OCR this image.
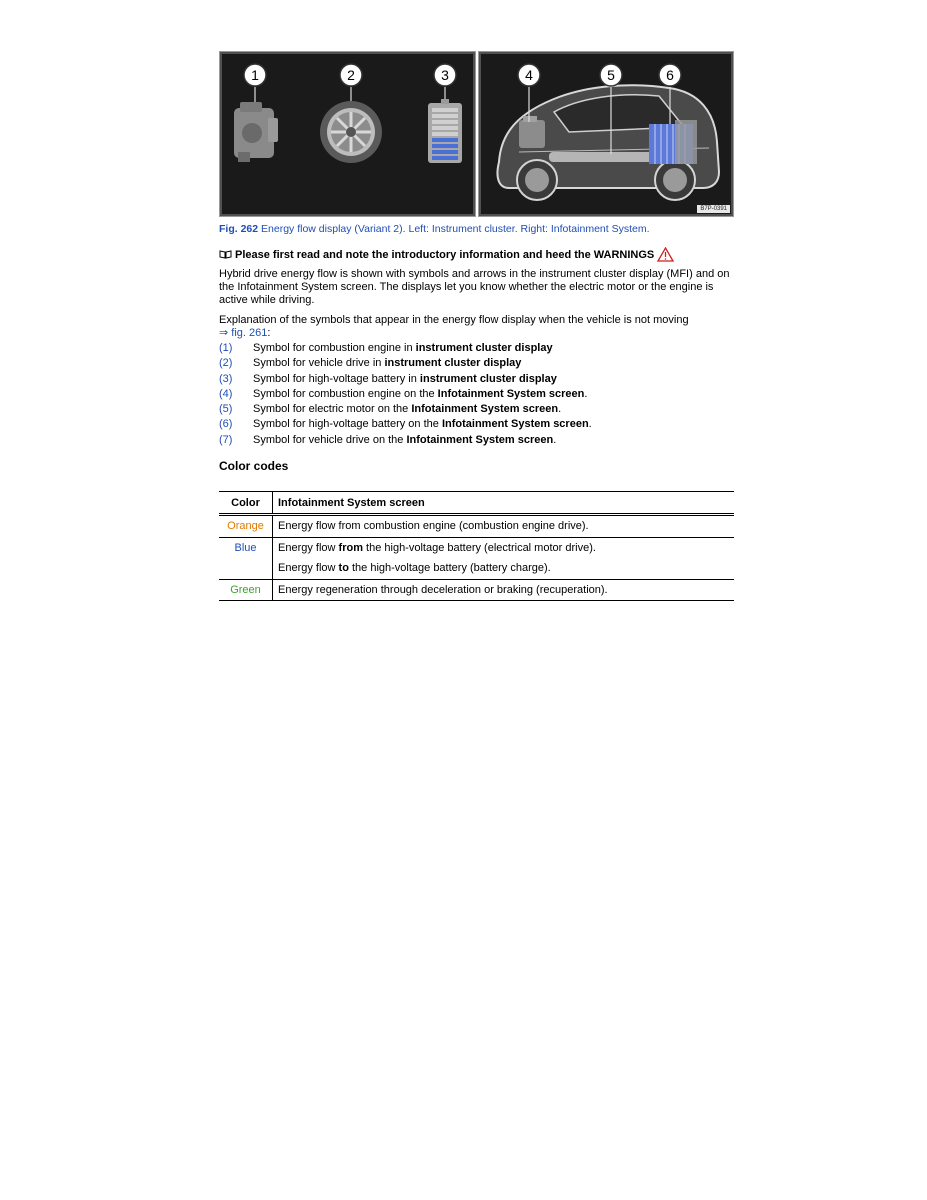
1	2	3	4	5	6
B7P-0391
Fig. 262 Energy flow display (Variant 2). Left: Instrument cluster. Right: Infotainment System.
Please first read and note the introductory information and heed the WARNINGS

Hybrid drive energy flow is shown with symbols and arrows in the instrument cluster display (MFI) and on the Infotainment System screen. The displays let you know whether the electric motor or the engine is active while driving.

Explanation of the symbols that appear in the energy flow display when the vehicle is not moving
⇒ fig. 261:

(1)	Symbol for combustion engine in instrument cluster display
(2)	Symbol for vehicle drive in instrument cluster display
(3)	Symbol for high-voltage battery in instrument cluster display
(4)	Symbol for combustion engine on the Infotainment System screen.
(5)	Symbol for electric motor on the Infotainment System screen.
(6)	Symbol for high-voltage battery on the Infotainment System screen.
(7)	Symbol for vehicle drive on the Infotainment System screen.
Color codes
Color	Infotainment System screen
Orange	Energy flow from combustion engine (combustion engine drive).
Blue	Energy flow from the high-voltage battery (electrical motor drive).
	Energy flow to the high-voltage battery (battery charge).
Green	Energy regeneration through deceleration or braking (recuperation).
